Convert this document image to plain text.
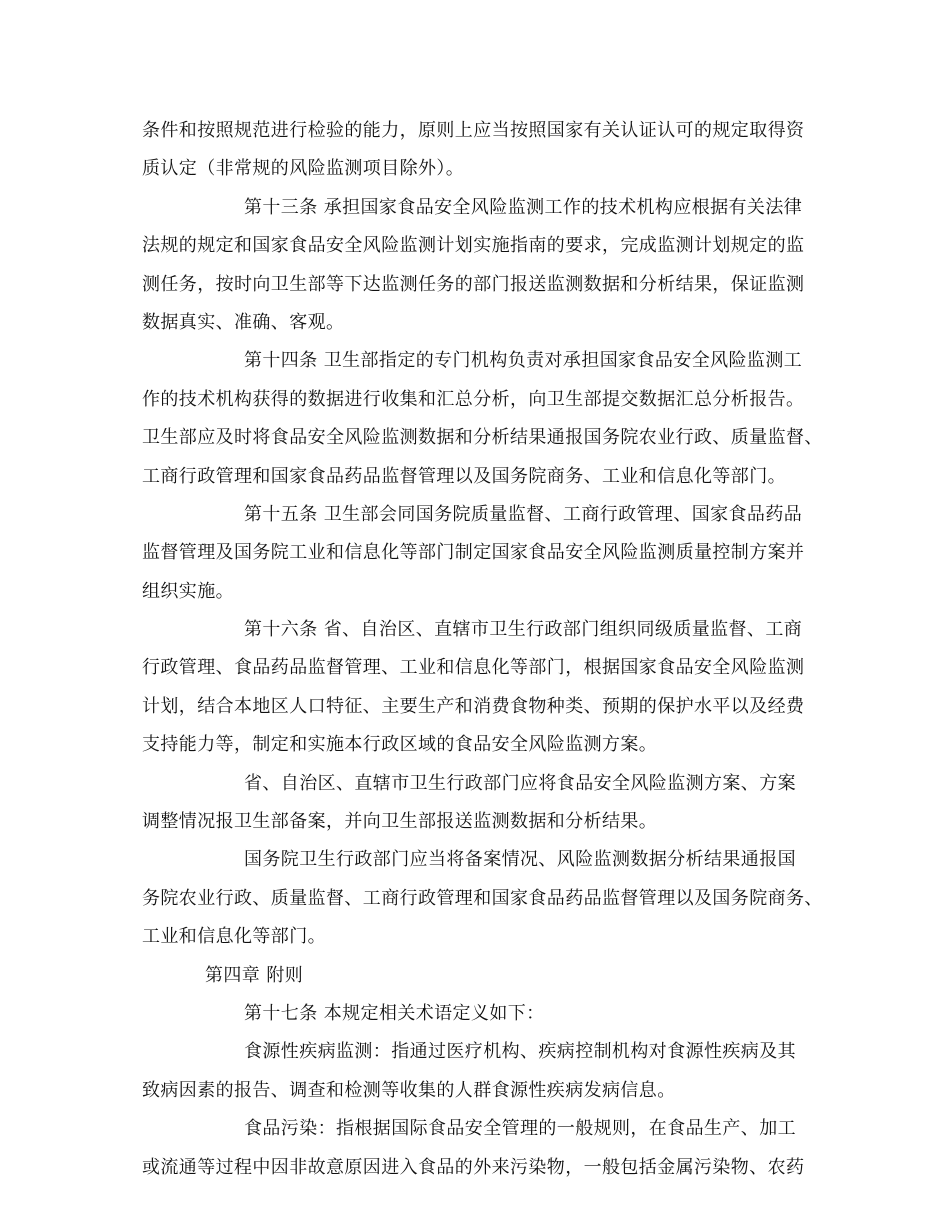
条件和按照规范进行检验的能力，原则上应当按照国家有关认证认可的规定取得资
质认定（非常规的风险监测项目除外）。
第十三条 承担国家食品安全风险监测工作的技术机构应根据有关法律
法规的规定和国家食品安全风险监测计划实施指南的要求，完成监测计划规定的监
测任务，按时向卫生部等下达监测任务的部门报送监测数据和分析结果，保证监测
数据真实、准确、客观。
第十四条 卫生部指定的专门机构负责对承担国家食品安全风险监测工
作的技术机构获得的数据进行收集和汇总分析，向卫生部提交数据汇总分析报告。
卫生部应及时将食品安全风险监测数据和分析结果通报国务院农业行政、质量监督、
工商行政管理和国家食品药品监督管理以及国务院商务、工业和信息化等部门。
第十五条 卫生部会同国务院质量监督、工商行政管理、国家食品药品
监督管理及国务院工业和信息化等部门制定国家食品安全风险监测质量控制方案并
组织实施。
第十六条 省、自治区、直辖市卫生行政部门组织同级质量监督、工商
行政管理、食品药品监督管理、工业和信息化等部门，根据国家食品安全风险监测
计划，结合本地区人口特征、主要生产和消费食物种类、预期的保护水平以及经费
支持能力等，制定和实施本行政区域的食品安全风险监测方案。
省、自治区、直辖市卫生行政部门应将食品安全风险监测方案、方案
调整情况报卫生部备案，并向卫生部报送监测数据和分析结果。
国务院卫生行政部门应当将备案情况、风险监测数据分析结果通报国
务院农业行政、质量监督、工商行政管理和国家食品药品监督管理以及国务院商务、
工业和信息化等部门。
第四章 附则
第十七条 本规定相关术语定义如下：
食源性疾病监测：指通过医疗机构、疾病控制机构对食源性疾病及其
致病因素的报告、调查和检测等收集的人群食源性疾病发病信息。
食品污染：指根据国际食品安全管理的一般规则，在食品生产、加工
或流通等过程中因非故意原因进入食品的外来污染物，一般包括金属污染物、农药
